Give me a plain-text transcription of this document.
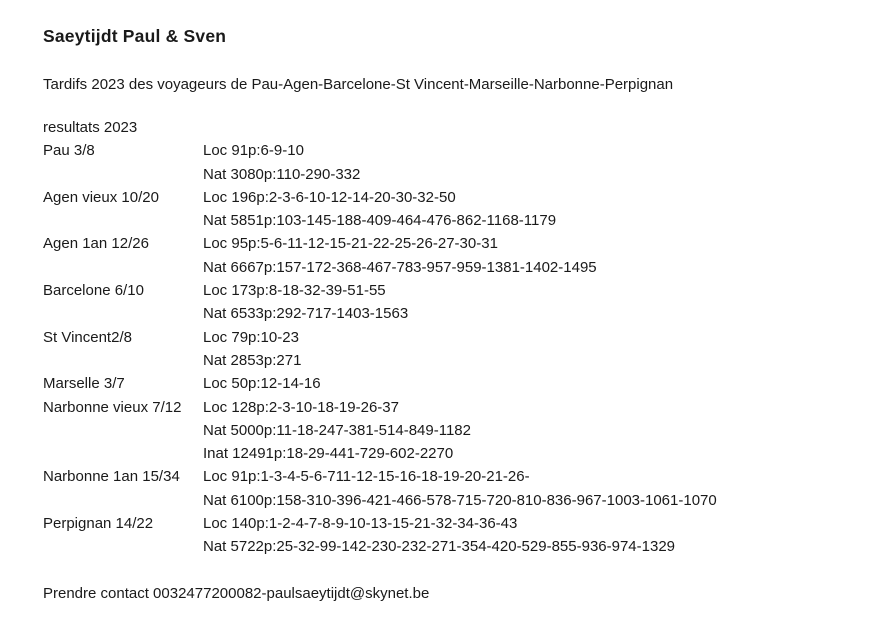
Saeytijdt Paul & Sven
Tardifs 2023 des voyageurs de Pau-Agen-Barcelone-St Vincent-Marseille-Narbonne-Perpignan
resultats 2023
Pau 3/8	Loc 91p:6-9-10
Nat 3080p:110-290-332
Agen vieux 10/20	Loc 196p:2-3-6-10-12-14-20-30-32-50
Nat 5851p:103-145-188-409-464-476-862-1168-1179
Agen 1an 12/26	Loc 95p:5-6-11-12-15-21-22-25-26-27-30-31
Nat 6667p:157-172-368-467-783-957-959-1381-1402-1495
Barcelone 6/10	Loc 173p:8-18-32-39-51-55
Nat 6533p:292-717-1403-1563
St Vincent2/8	Loc 79p:10-23
Nat 2853p:271
Marselle 3/7	Loc 50p:12-14-16
Narbonne vieux 7/12	Loc 128p:2-3-10-18-19-26-37
Nat 5000p:11-18-247-381-514-849-1182
Inat 12491p:18-29-441-729-602-2270
Narbonne 1an 15/34	Loc 91p:1-3-4-5-6-711-12-15-16-18-19-20-21-26-
Nat 6100p:158-310-396-421-466-578-715-720-810-836-967-1003-1061-1070
Perpignan 14/22	Loc 140p:1-2-4-7-8-9-10-13-15-21-32-34-36-43
Nat 5722p:25-32-99-142-230-232-271-354-420-529-855-936-974-1329
Prendre contact 0032477200082-paulsaeytijdt@skynet.be
